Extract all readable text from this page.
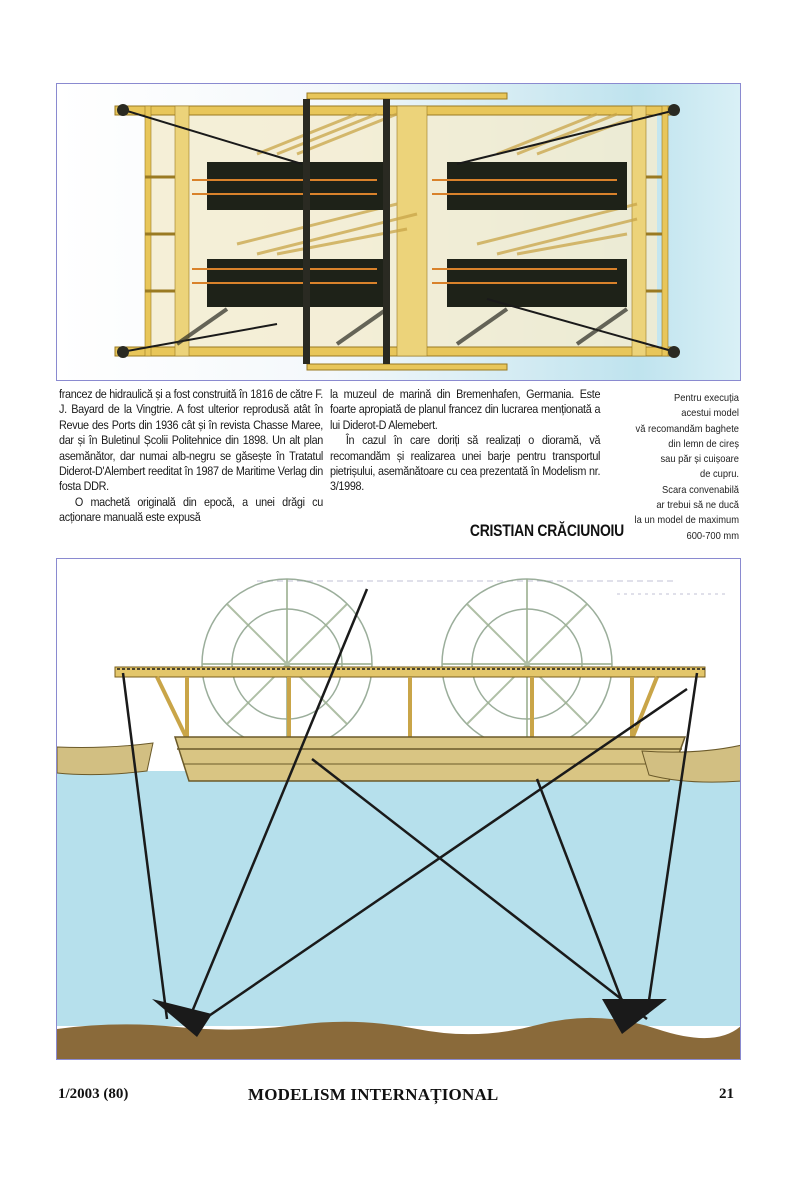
francez de hidraulică și a fost construită în 1816 de către F. J. Bayard de la Vingtrie. A fost ulterior reprodusă atât în Revue des Ports din 1936 cât și în revista Chasse Maree, dar și în Buletinul Școlii Politehnice din 1898. Un alt plan asemănător, dar numai alb-negru se găsește în Tratatul Diderot-D'Alembert reeditat în 1987 de Maritime Verlag din fosta DDR.

O machetă originală din epocă, a unei drăgi cu acționare manuală este expusă

la muzeul de marină din Bremenhafen, Germania. Este foarte apropiată de planul francez din lucrarea menționată a lui Diderot-D Alemebert.

În cazul în care doriți să realizați o dioramă, vă recomandăm și realizarea unei barje pentru transportul pietrișului, asemănătoare cu cea prezentată în Modelism nr. 3/1998.

CRISTIAN CRĂCIUNOIU
Pentru execuția
acestui model
vă recomandăm baghete
din lemn de cireș
sau păr și cuișoare
de cupru.
Scara convenabilă
ar trebui să ne ducă
la un model de maximum
600-700 mm
1/2003 (80)	MODELISM INTERNAȚIONAL	21
